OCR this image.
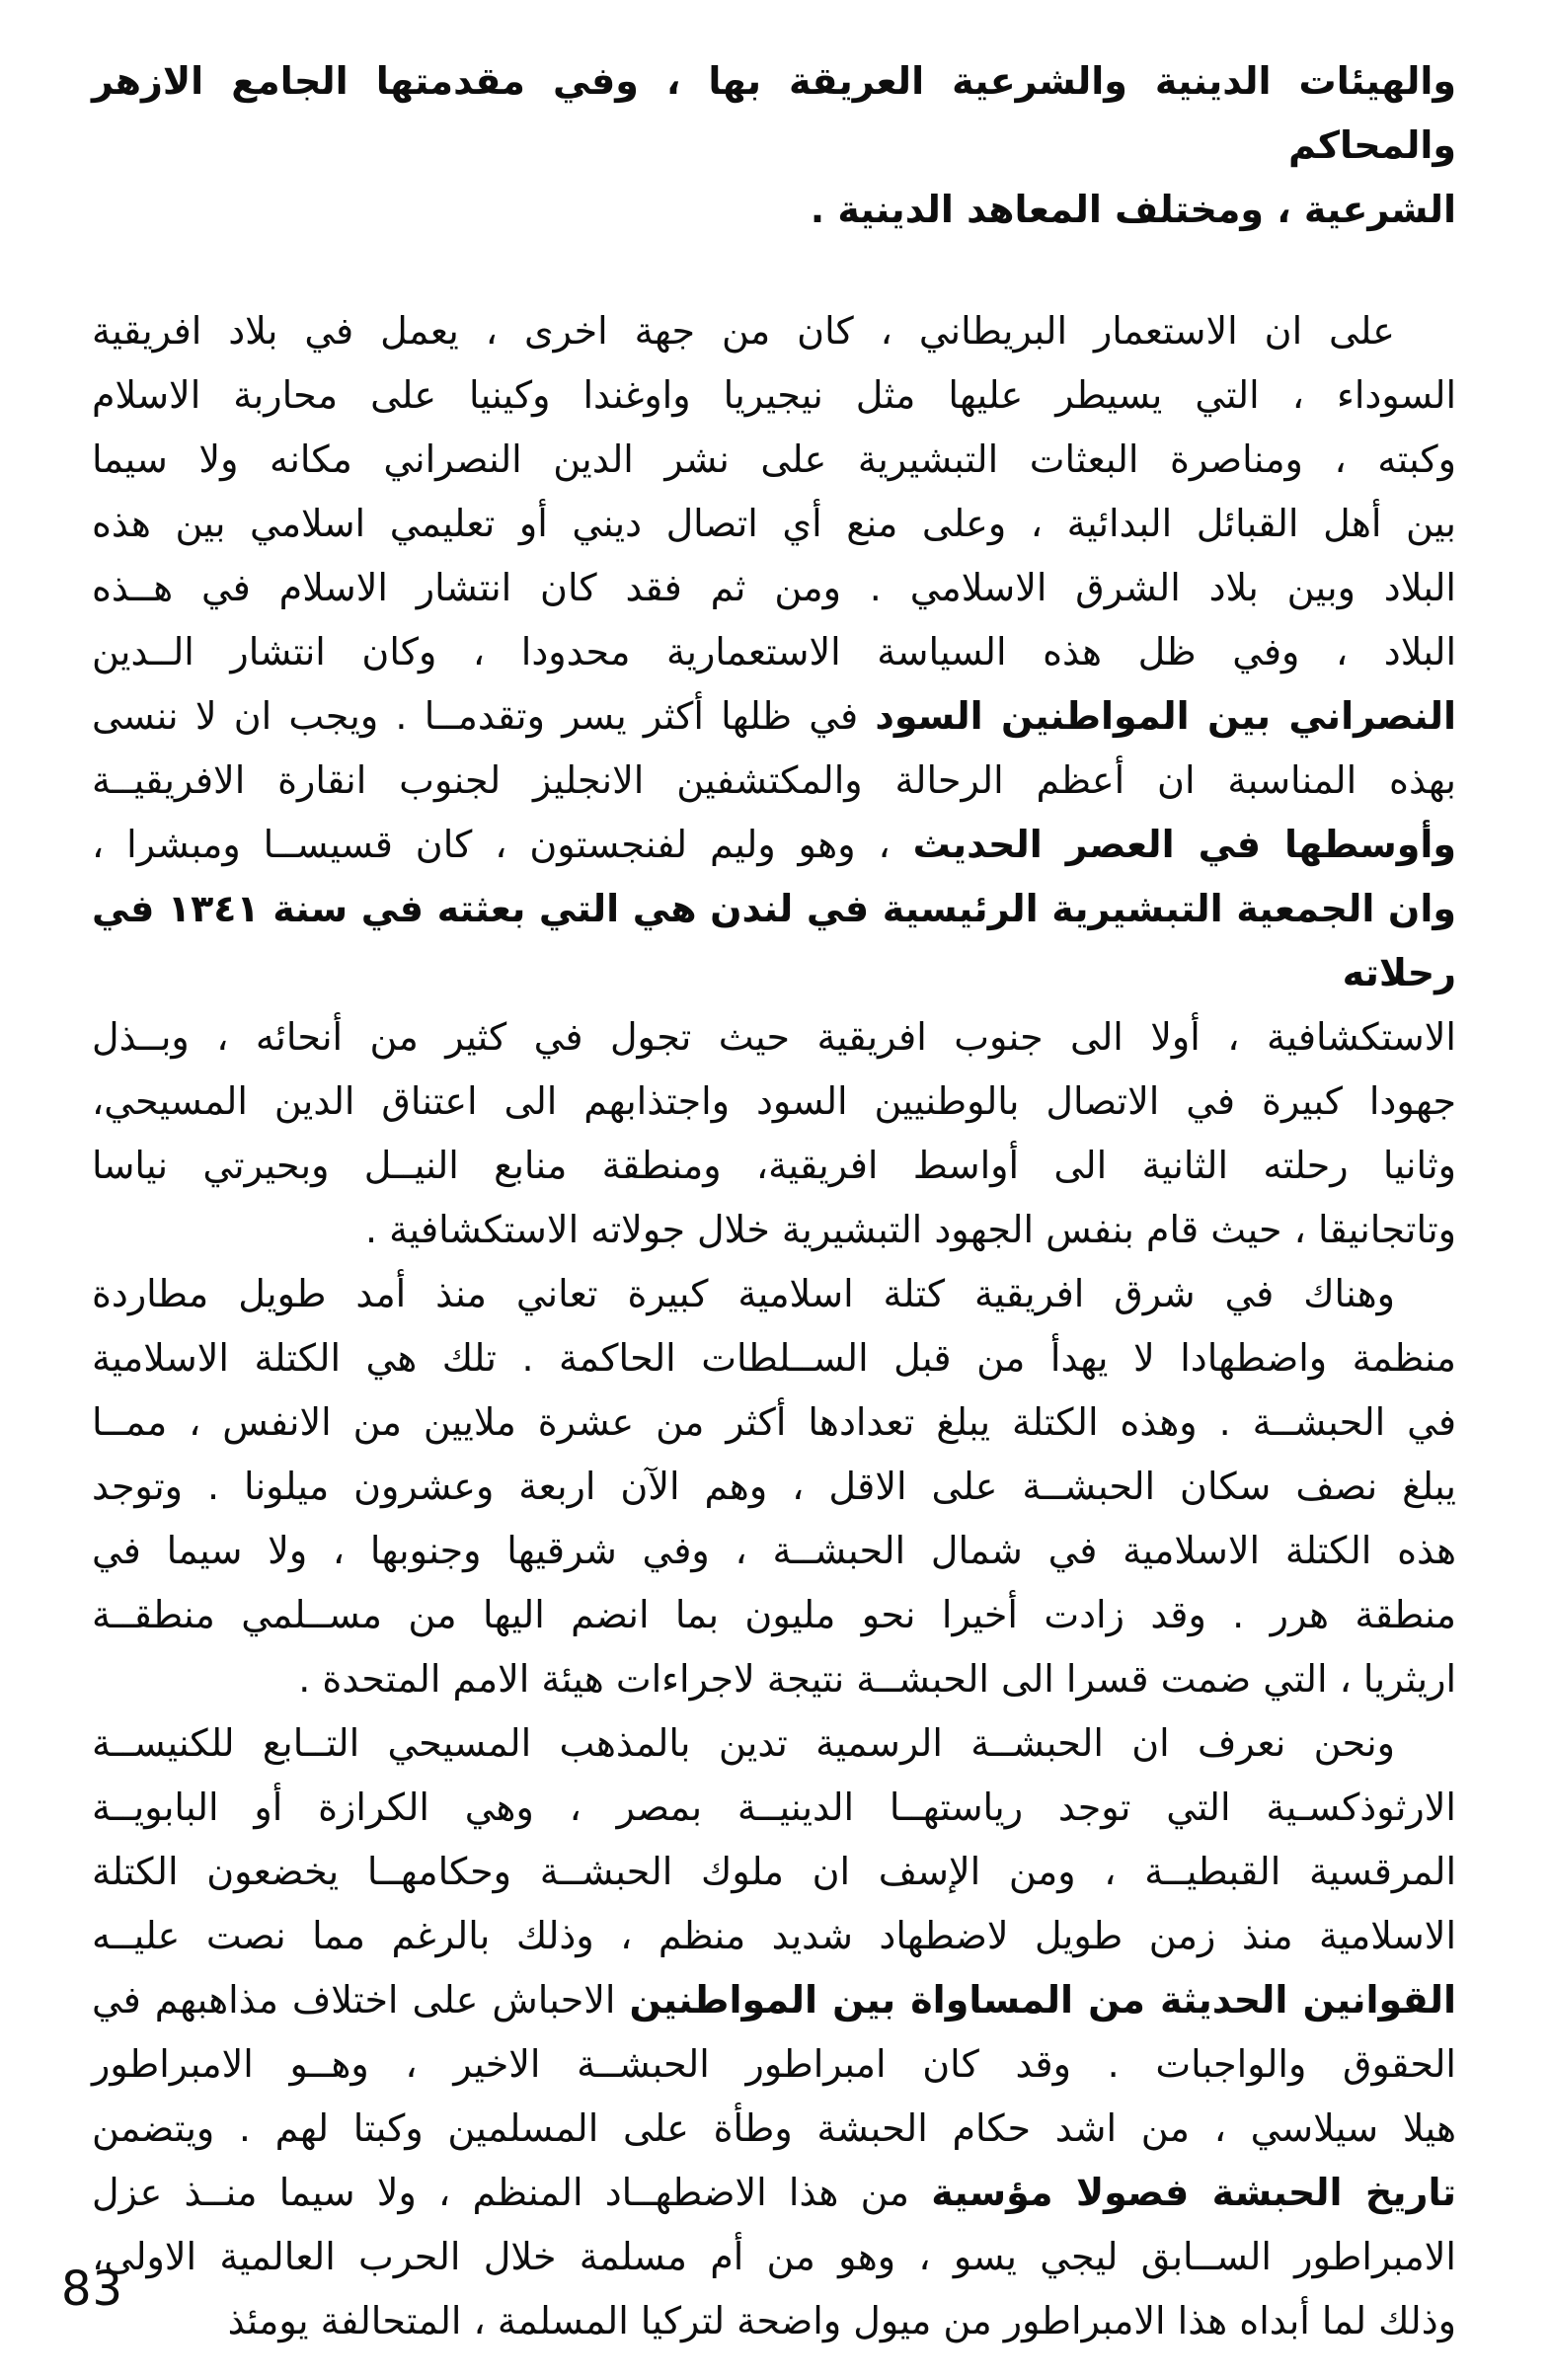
والهيئات الدينية والشرعية العريقة بها ، وفي مقدمتها الجامع الازهر والمحاكم
الشرعية ، ومختلف المعاهد الدينية .
على ان الاستعمار البريطاني ، كان من جهة اخرى ، يعمل في بلاد افريقية
السوداء ، التي يسيطر عليها مثل نيجيريا واوغندا وكينيا على محاربة الاسلام
وكبته ، ومناصرة البعثات التبشيرية على نشر الدين النصراني مكانه ولا سيما
بين أهل القبائل البدائية ، وعلى منع أي اتصال ديني أو تعليمي اسلامي بين هذه
البلاد وبين بلاد الشرق الاسلامي . ومن ثم فقد كان انتشار الاسلام في هــذه
البلاد ، وفي ظل هذه السياسة الاستعمارية محدودا ، وكان انتشار الــدين
النصراني بين المواطنين السود في ظلها أكثر يسر وتقدمــا . ويجب ان لا ننسى
بهذه المناسبة ان أعظم الرحالة والمكتشفين الانجليز لجنوب انقارة الافريقيــة
وأوسطها في العصر الحديث ، وهو وليم لفنجستون ، كان قسيســا ومبشرا ،
وان الجمعية التبشيرية الرئيسية في لندن هي التي بعثته في سنة ١٣٤١ في رحلاته
الاستكشافية ، أولا الى جنوب افريقية حيث تجول في كثير من أنحائه ، وبــذل
جهودا كبيرة في الاتصال بالوطنيين السود واجتذابهم الى اعتناق الدين المسيحي،
وثانيا رحلته الثانية الى أواسط افريقية، ومنطقة منابع النيــل وبحيرتي نياسا
وتاتجانيقا ، حيث قام بنفس الجهود التبشيرية خلال جولاته الاستكشافية .
وهناك في شرق افريقية كتلة اسلامية كبيرة تعاني منذ أمد طويل مطاردة
منظمة واضطهادا لا يهدأ من قبل الســلطات الحاكمة . تلك هي الكتلة الاسلامية
في الحبشــة . وهذه الكتلة يبلغ تعدادها أكثر من عشرة ملايين من الانفس ، ممــا
يبلغ نصف سكان الحبشــة على الاقل ، وهم الآن اربعة وعشرون ميلونا . وتوجد
هذه الكتلة الاسلامية في شمال الحبشــة ، وفي شرقيها وجنوبها ، ولا سيما في
منطقة هرر . وقد زادت أخيرا نحو مليون بما انضم اليها من مســلمي منطقــة
اريثريا ، التي ضمت قسرا الى الحبشــة نتيجة لاجراءات هيئة الامم المتحدة .
ونحن نعرف ان الحبشــة الرسمية تدين بالمذهب المسيحي التــابع للكنيســة
الارثوذكسـية التي توجد رياستهــا الدينيــة بمصر ، وهي الكرازة أو البابويــة
المرقسية القبطيــة ، ومن الإسف ان ملوك الحبشــة وحكامهــا يخضعون الكتلة
الاسلامية منذ زمن طويل لاضطهاد شديد منظم ، وذلك بالرغم مما نصت عليــه
القوانين الحديثة من المساواة بين المواطنين الاحباش على اختلاف مذاهبهم في
الحقوق والواجبات . وقد كان امبراطور الحبشــة الاخير ، وهــو الامبراطور
هيلا سيلاسي ، من اشد حكام الحبشة وطأة على المسلمين وكبتا لهم . ويتضمن
تاريخ الحبشة فصولا مؤسية من هذا الاضطهــاد المنظم ، ولا سيما منــذ عزل
الامبراطور الســابق ليجي يسو ، وهو من أم مسلمة خلال الحرب العالمية الاولى،
وذلك لما أبداه هذا الامبراطور من ميول واضحة لتركيا المسلمة ، المتحالفة يومئذ
83
